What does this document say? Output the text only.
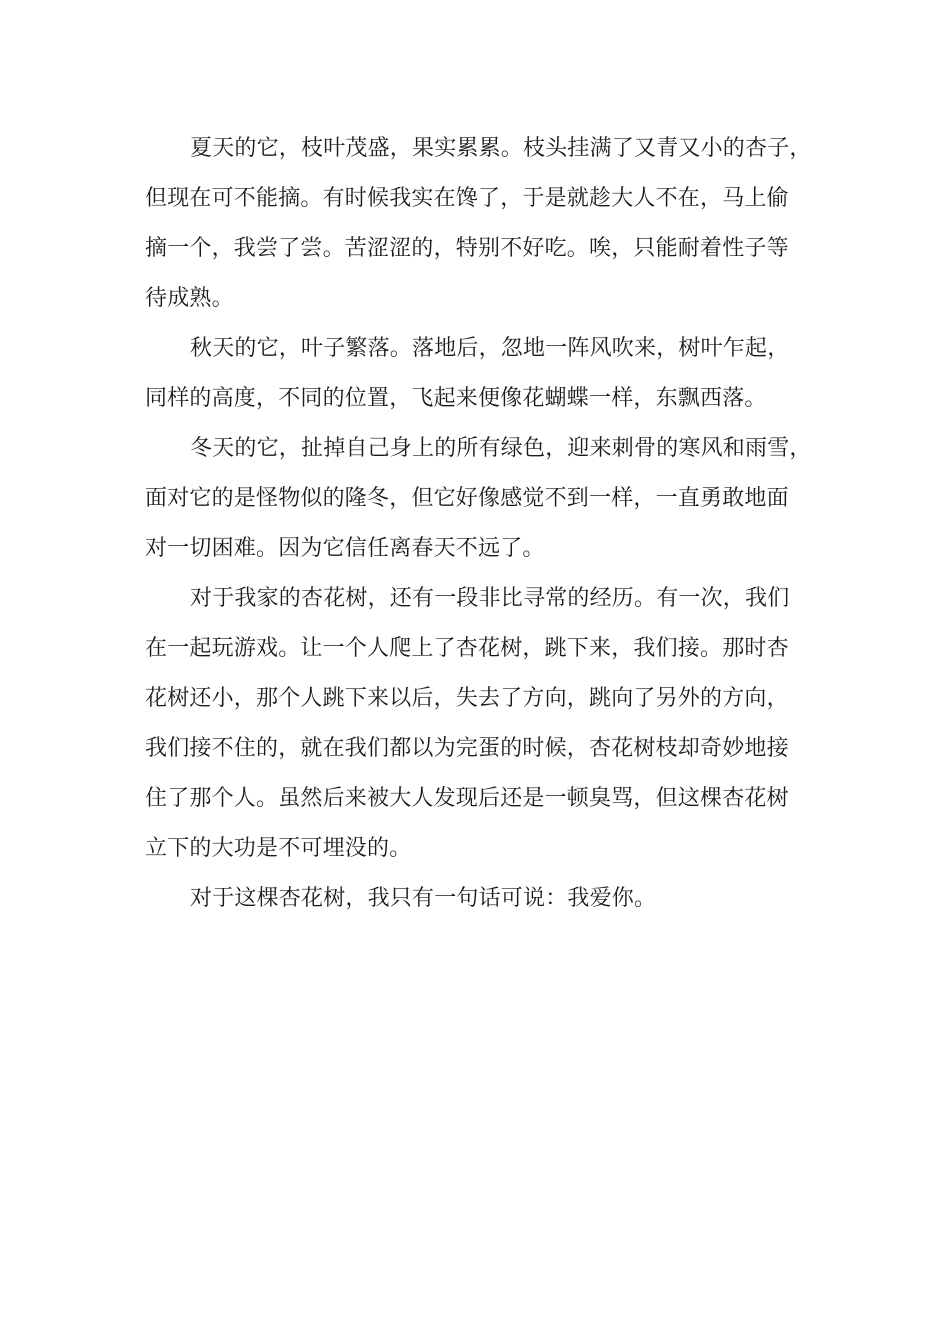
夏天的它，枝叶茂盛，果实累累。枝头挂满了又青又小的杏子，
但现在可不能摘。有时候我实在馋了，于是就趁大人不在，马上偷
摘一个，我尝了尝。苦涩涩的，特别不好吃。唉，只能耐着性子等
待成熟。
秋天的它，叶子繁落。落地后，忽地一阵风吹来，树叶乍起，
同样的高度，不同的位置，飞起来便像花蝴蝶一样，东飘西落。
冬天的它，扯掉自己身上的所有绿色，迎来刺骨的寒风和雨雪，
面对它的是怪物似的隆冬，但它好像感觉不到一样，一直勇敢地面
对一切困难。因为它信任离春天不远了。
对于我家的杏花树，还有一段非比寻常的经历。有一次，我们
在一起玩游戏。让一个人爬上了杏花树，跳下来，我们接。那时杏
花树还小，那个人跳下来以后，失去了方向，跳向了另外的方向，
我们接不住的，就在我们都以为完蛋的时候，杏花树枝却奇妙地接
住了那个人。虽然后来被大人发现后还是一顿臭骂，但这棵杏花树
立下的大功是不可埋没的。
对于这棵杏花树，我只有一句话可说：我爱你。
